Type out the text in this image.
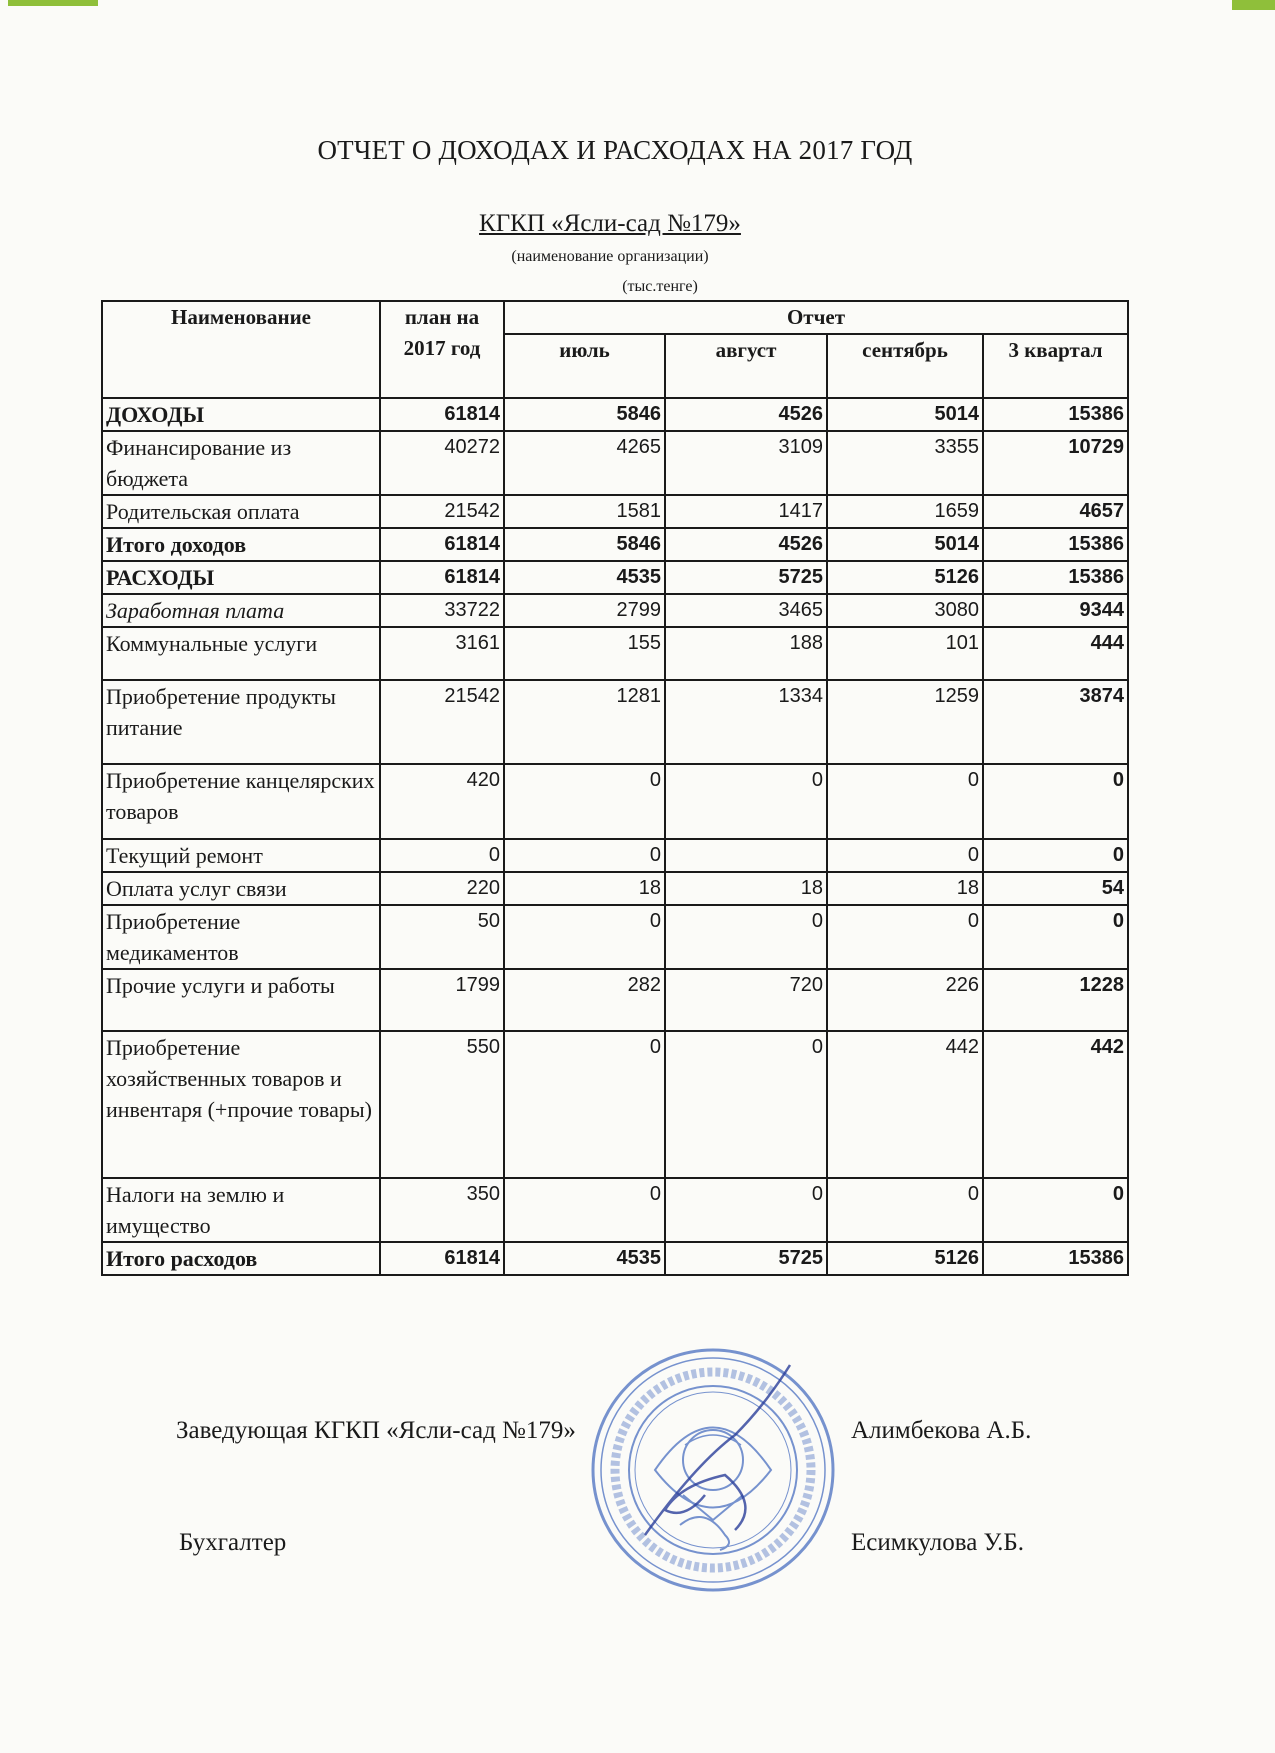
ОТЧЕТ О ДОХОДАХ И РАСХОДАХ НА 2017 ГОД
КГКП «Ясли-сад №179»
(наименование организации)
(тыс.тенге)
Наименование	план на 2017 год	Отчет			
		июль	август	сентябрь	3 квартал
ДОХОДЫ	61814	5846	4526	5014	15386
Финансирование из бюджета	40272	4265	3109	3355	10729
Родительская оплата	21542	1581	1417	1659	4657
Итого доходов	61814	5846	4526	5014	15386
РАСХОДЫ	61814	4535	5725	5126	15386
Заработная плата	33722	2799	3465	3080	9344
Коммунальные услуги	3161	155	188	101	444
Приобретение продукты питание	21542	1281	1334	1259	3874
Приобретение канцелярских товаров	420	0	0	0	0
Текущий ремонт	0	0		0	0
Оплата услуг связи	220	18	18	18	54
Приобретение медикаментов	50	0	0	0	0
Прочие услуги и работы	1799	282	720	226	1228
Приобретение хозяйственных товаров и инвентаря (+прочие товары)	550	0	0	442	442
Налоги на землю и имущество	350	0	0	0	0
Итого расходов	61814	4535	5725	5126	15386
Заведующая КГКП «Ясли-сад №179»	Алимбекова А.Б.
Бухгалтер	Есимкулова У.Б.
